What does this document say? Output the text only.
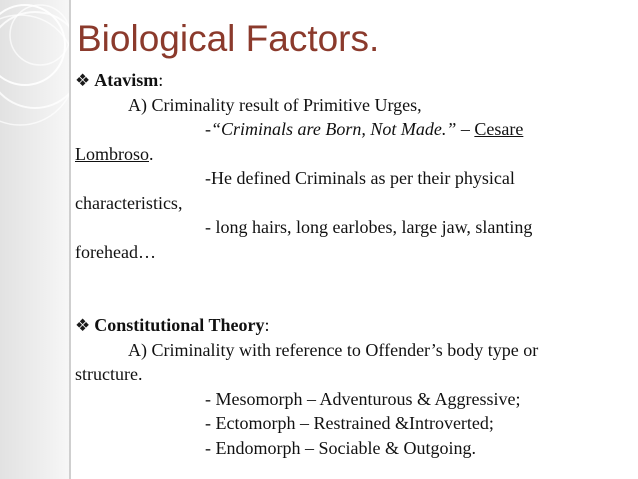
Biological Factors.
❖ Atavism:
A) Criminality result of Primitive Urges,
-“Criminals are Born, Not Made.” – Cesare
Lombroso.
-He defined Criminals as per their physical
characteristics,
- long hairs, long earlobes, large jaw, slanting
forehead…
❖ Constitutional Theory:
A) Criminality with reference to Offender’s body type or
structure.
- Mesomorph – Adventurous & Aggressive;
- Ectomorph – Restrained &Introverted;
- Endomorph – Sociable & Outgoing.
